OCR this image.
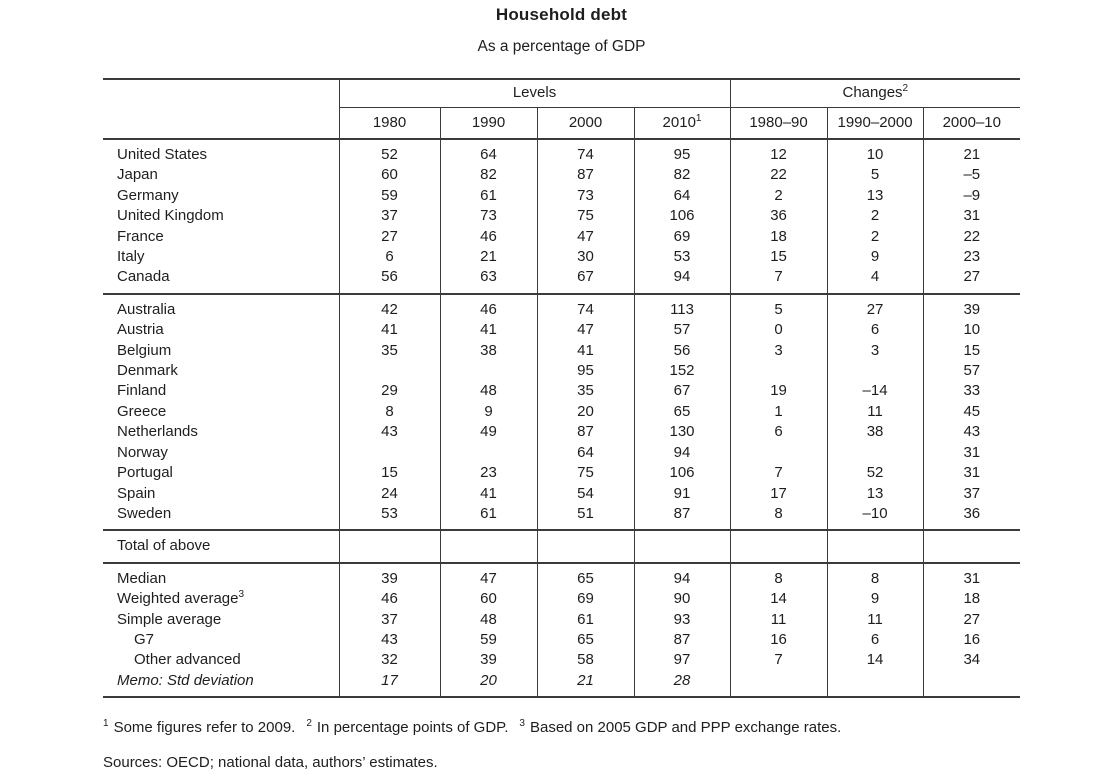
Household debt
As a percentage of GDP
	Levels				Changes$^2$
	1980	1990	2000	2010$^1$	1980–90	1990–2000	2000–10
United States	52	64	74	95	12	10	21
Japan	60	82	87	82	22	5	–5
Germany	59	61	73	64	2	13	–9
United Kingdom	37	73	75	106	36	2	31
France	27	46	47	69	18	2	22
Italy	6	21	30	53	15	9	23
Canada	56	63	67	94	7	4	27
Australia	42	46	74	113	5	27	39
Austria	41	41	47	57	0	6	10
Belgium	35	38	41	56	3	3	15
Denmark			95	152			57
Finland	29	48	35	67	19	–14	33
Greece	8	9	20	65	1	11	45
Netherlands	43	49	87	130	6	38	43
Norway			64	94			31
Portugal	15	23	75	106	7	52	31
Spain	24	41	54	91	17	13	37
Sweden	53	61	51	87	8	–10	36
Total of above							
Median	39	47	65	94	8	8	31
Weighted average$^3$	46	60	69	90	14	9	18
Simple average	37	48	61	93	11	11	27
G7	43	59	65	87	16	6	16
Other advanced	32	39	58	97	7	14	34
Memo: Std deviation	17	20	21	28			
$^1$ Some figures refer to 2009. $^2$ In percentage points of GDP. $^3$ Based on 2005 GDP and PPP exchange rates.
Sources: OECD; national data, authors’ estimates.
